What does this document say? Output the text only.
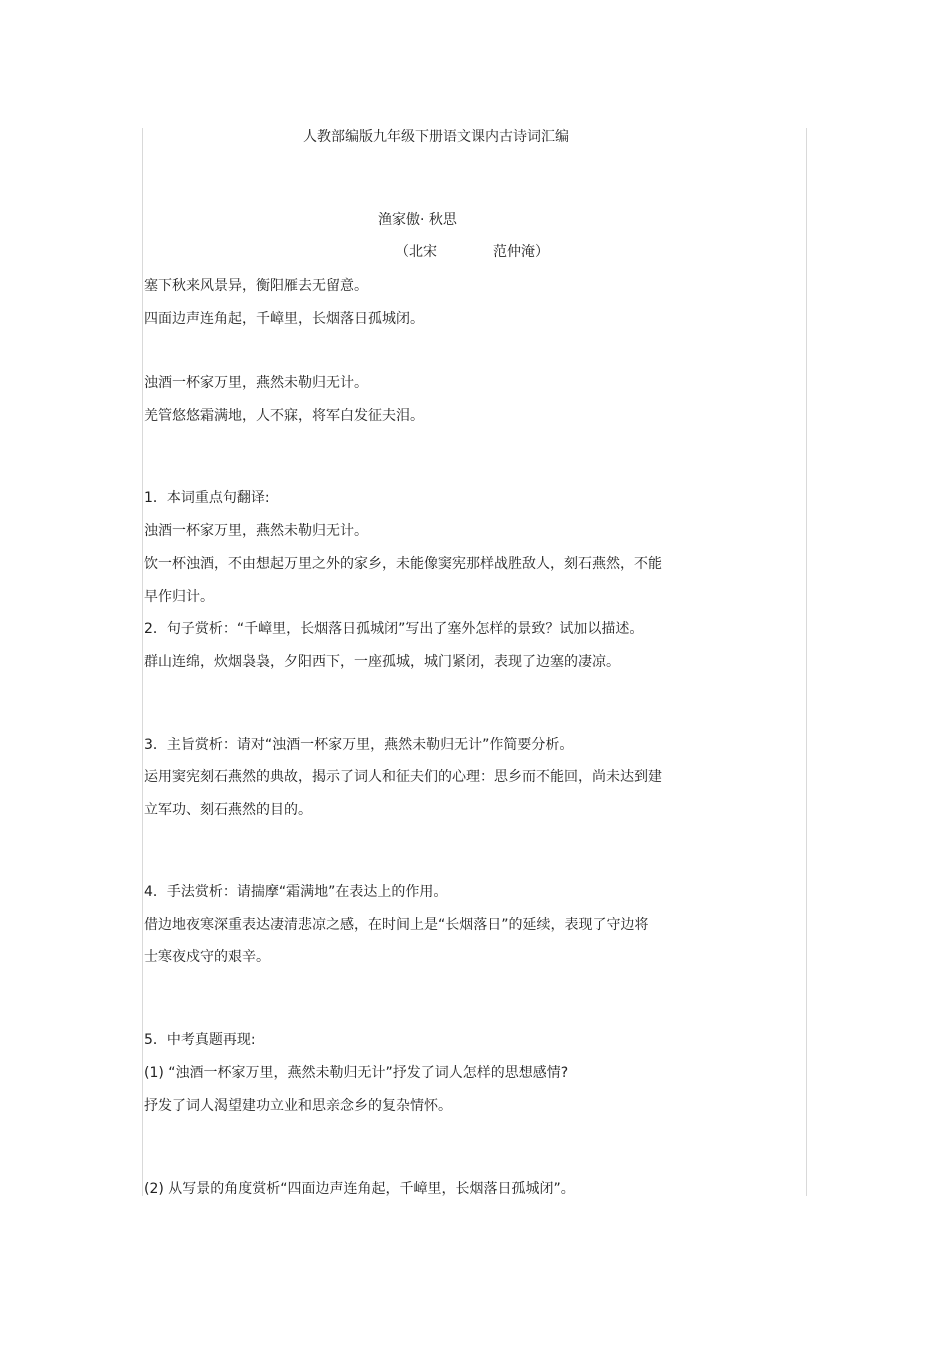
人教部编版九年级下册语文课内古诗词汇编
渔家傲· 秋思
（北宋　　　　范仲淹）
塞下秋来风景异，衡阳雁去无留意。
四面边声连角起，千嶂里，长烟落日孤城闭。
浊酒一杯家万里，燕然未勒归无计。
羌管悠悠霜满地，人不寐，将军白发征夫泪。
1．本词重点句翻译:
浊酒一杯家万里，燕然未勒归无计。
饮一杯浊酒，不由想起万里之外的家乡，未能像窦宪那样战胜敌人，刻石燕然，不能
早作归计。
2．句子赏析：“千嶂里，长烟落日孤城闭”写出了塞外怎样的景致？试加以描述。
群山连绵，炊烟袅袅，夕阳西下，一座孤城，城门紧闭，表现了边塞的凄凉。
3．主旨赏析：请对“浊酒一杯家万里，燕然未勒归无计”作简要分析。
运用窦宪刻石燕然的典故，揭示了词人和征夫们的心理：思乡而不能回，尚未达到建
立军功、刻石燕然的目的。
4．手法赏析：请揣摩“霜满地”在表达上的作用。
借边地夜寒深重表达凄清悲凉之感，在时间上是“长烟落日”的延续，表现了守边将
士寒夜戍守的艰辛。
5．中考真题再现:
(1) “浊酒一杯家万里，燕然未勒归无计”抒发了词人怎样的思想感情?
抒发了词人渴望建功立业和思亲念乡的复杂情怀。
(2) 从写景的角度赏析“四面边声连角起，千嶂里，长烟落日孤城闭”。
